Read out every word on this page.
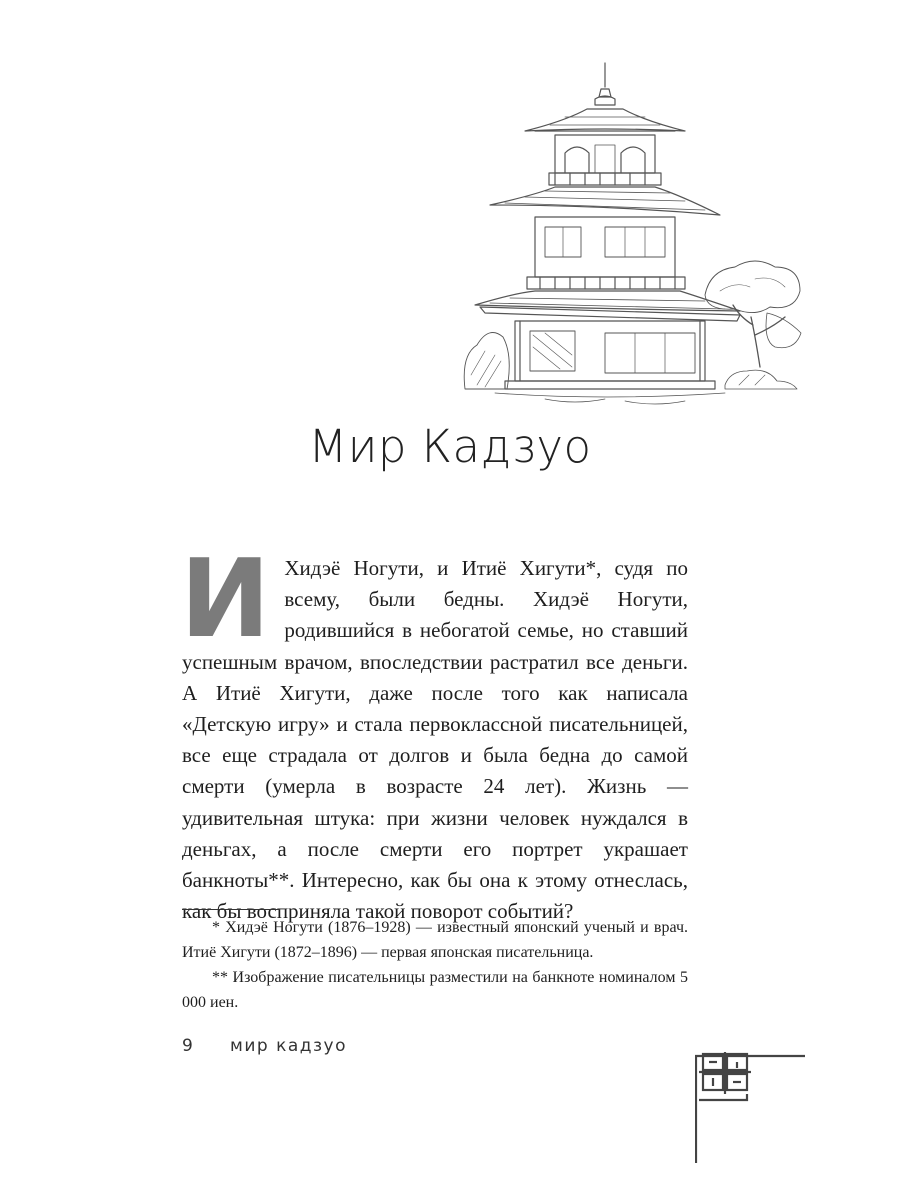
Мир Кадзуо

И Хидэё Ногути, и Итиё Хигути*, судя по всему, были бедны. Хидэё Ногути, родившийся в небогатой семье, но ставший успешным врачом, впоследствии растратил все деньги. А Итиё Хигути, даже после того как написала «Детскую игру» и стала первоклассной писательницей, все еще страдала от долгов и была бедна до самой смерти (умерла в возрасте 24 лет). Жизнь — удивительная штука: при жизни человек нуждался в деньгах, а после смерти его портрет украшает банкноты**. Интересно, как бы она к этому отнеслась, как бы восприняла такой поворот событий?

* Хидэё Ногути (1876–1928) — известный японский ученый и врач. Итиё Хигути (1872–1896) — первая японская писательница.

** Изображение писательницы разместили на банкноте номиналом 5 000 иен.

9 мир кадзуо
